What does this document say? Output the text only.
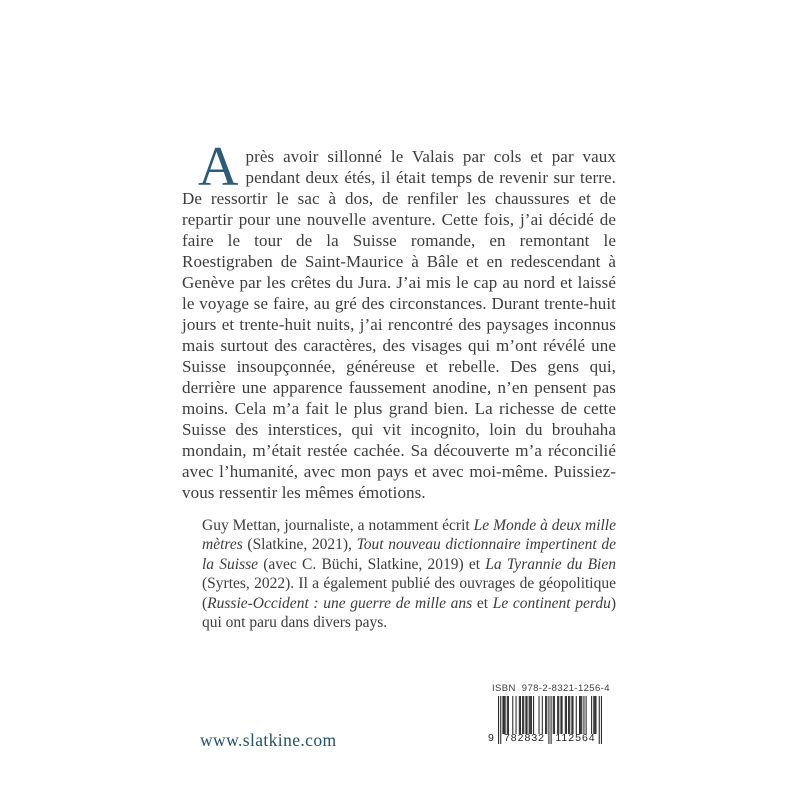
Après avoir sillonné le Valais par cols et par vaux pendant deux étés, il était temps de revenir sur terre. De ressortir le sac à dos, de renfiler les chaussures et de repartir pour une nouvelle aventure. Cette fois, j’ai décidé de faire le tour de la Suisse romande, en remontant le Roestigraben de Saint-Maurice à Bâle et en redescendant à Genève par les crêtes du Jura. J’ai mis le cap au nord et laissé le voyage se faire, au gré des circonstances. Durant trente-huit jours et trente-huit nuits, j’ai rencontré des paysages inconnus mais surtout des caractères, des visages qui m’ont révélé une Suisse insoupçonnée, généreuse et rebelle. Des gens qui, derrière une apparence faussement anodine, n’en pensent pas moins. Cela m’a fait le plus grand bien. La richesse de cette Suisse des interstices, qui vit incognito, loin du brouhaha mondain, m’était restée cachée. Sa découverte m’a réconcilié avec l’humanité, avec mon pays et avec moi-même. Puissiez-vous ressentir les mêmes émotions.

Guy Mettan, journaliste, a notamment écrit Le Monde à deux mille mètres (Slatkine, 2021), Tout nouveau dictionnaire impertinent de la Suisse (avec C. Büchi, Slatkine, 2019) et La Tyrannie du Bien (Syrtes, 2022). Il a également publié des ouvrages de géopolitique (Russie-Occident : une guerre de mille ans et Le continent perdu) qui ont paru dans divers pays.

www.slatkine.com
ISBN 978-2-8321-1256-4
9 782832 112564
